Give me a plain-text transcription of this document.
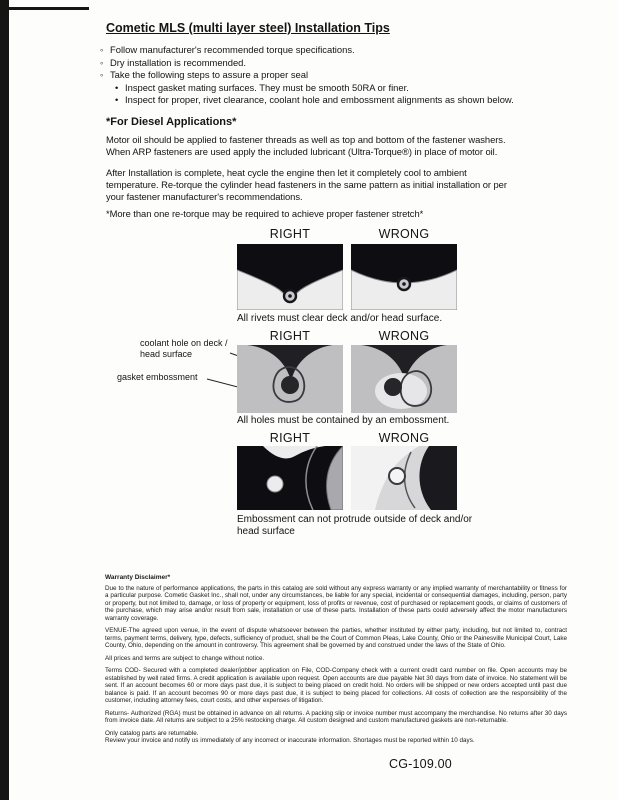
Cometic MLS (multi layer steel) Installation Tips
◦ Follow manufacturer's recommended torque specifications.
◦ Dry installation is recommended.
◦ Take the following steps to assure a proper seal
• Inspect gasket mating surfaces. They must be smooth 50RA or finer.
• Inspect for proper, rivet clearance, coolant hole and embossment alignments as shown below.
*For Diesel Applications*

Motor oil should be applied to fastener threads as well as top and bottom of the fastener washers. When ARP fasteners are used apply the included lubricant (Ultra-Torque®) in place of motor oil.

After Installation is complete, heat cycle the engine then let it completely cool to ambient temperature. Re-torque the cylinder head fasteners in the same pattern as initial installation or per your fastener manufacturer's recommendations.

*More than one re-torque may be required to achieve proper fastener stretch*

RIGHT	WRONG

All rivets must clear deck and/or head surface.

RIGHT	WRONG
coolant hole on deck / head surface
gasket embossment

All holes must be contained by an embossment.

RIGHT	WRONG

Embossment can not protrude outside of deck and/or head surface

Warranty Disclaimer*

Due to the nature of performance applications, the parts in this catalog are sold without any express warranty or any implied warranty of merchantability or fitness for a particular purpose. Cometic Gasket Inc., shall not, under any circumstances, be liable for any special, incidental or consequential damages, including, person, party or property, but not limited to, damage, or loss of property or equipment, loss of profits or revenue, cost of purchased or replacement goods, or claims of customers of the purchase, which may arise and/or result from sale, installation or use of these parts. Installation of these parts could adversely affect the motor manufacturers warranty coverage.

VENUE-The agreed upon venue, in the event of dispute whatsoever between the parties, whether instituted by either party, including, but not limited to, contract terms, payment terms, delivery, type, defects, sufficiency of product, shall be the Court of Common Pleas, Lake County, Ohio or the Painesville Municipal Court, Lake County, Ohio, depending on the amount in controversy. This agreement shall be governed by and construed under the laws of the State of Ohio.

All prices and terms are subject to change without notice.

Terms COD- Secured with a completed dealer/jobber application on File, COD-Company check with a current credit card number on file. Open accounts may be established by well rated firms. A credit application is available upon request. Open accounts are due payable Net 30 days from date of invoice. No statement will be sent. If an account becomes 60 or more days past due, it is subject to being placed on credit hold. No orders will be shipped or new orders accepted until past due balance is paid. If an account becomes 90 or more days past due, it is subject to being placed for collections. All costs of collection are the responsibility of the customer, including attorney fees, court costs, and other expenses of litigation.

Returns- Authorized (RGA) must be obtained in advance on all returns. A packing slip or invoice number must accompany the merchandise. No returns after 30 days from invoice date. All returns are subject to a 25% restocking charge. All custom designed and custom manufactured gaskets are non-returnable.

Only catalog parts are returnable.

Review your invoice and notify us immediately of any incorrect or inaccurate information. Shortages must be reported within 10 days.

CG-109.00
